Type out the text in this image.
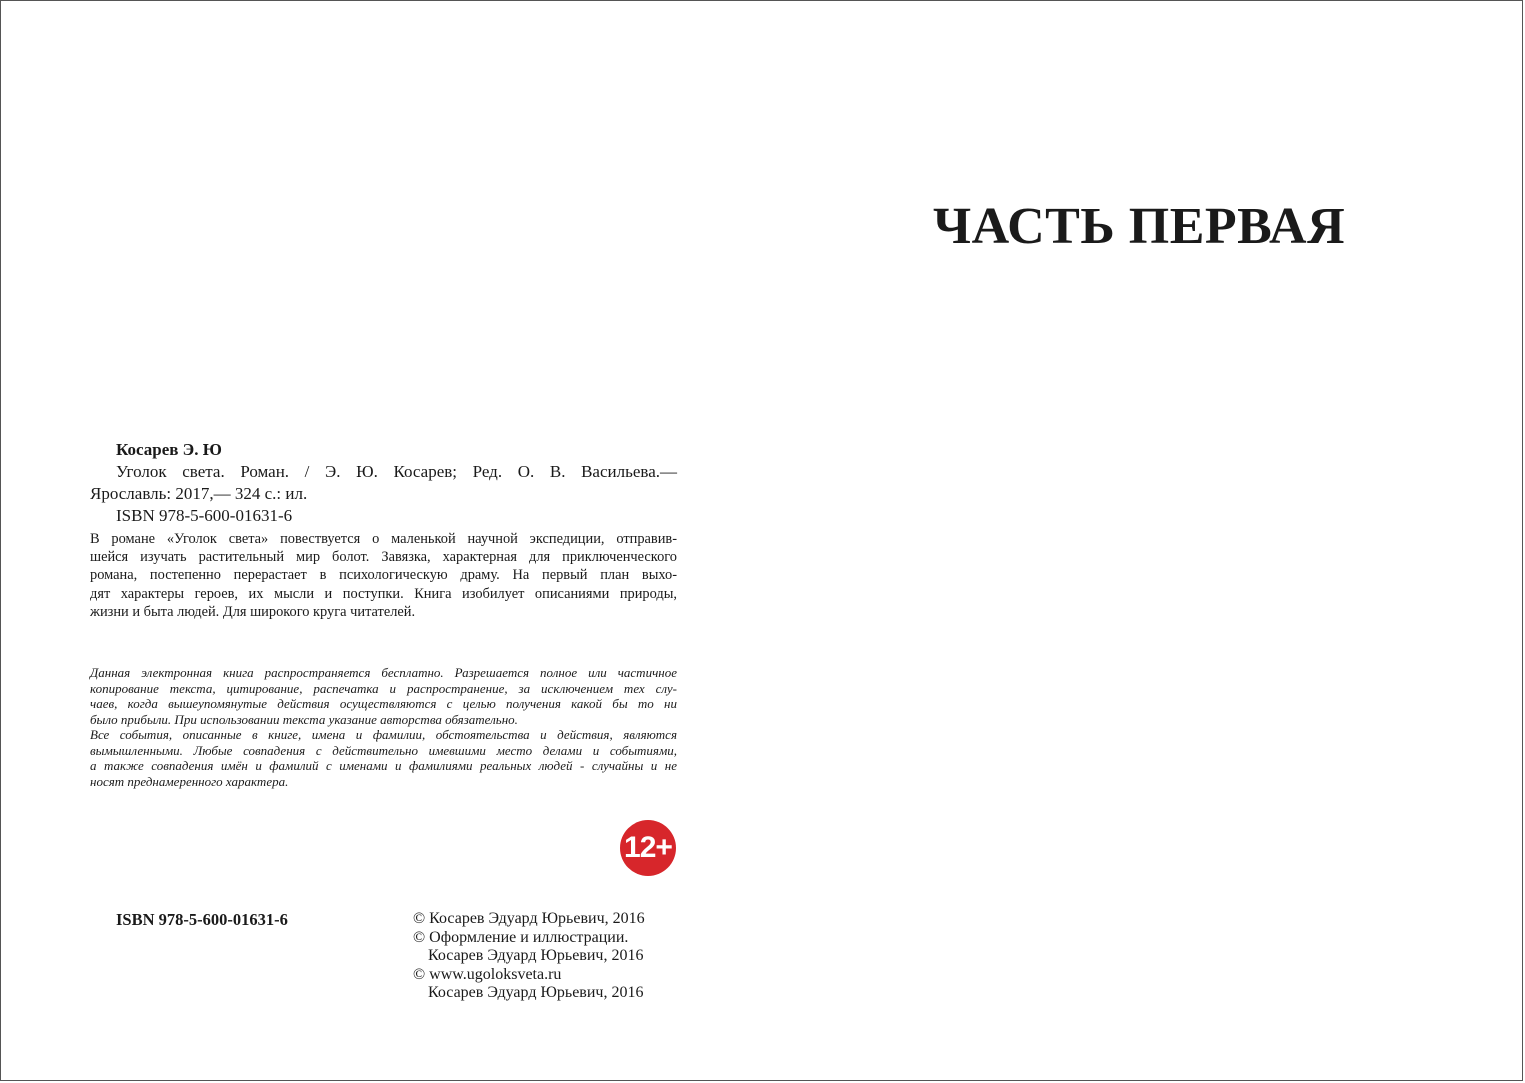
Косарев Э. Ю
Уголок света. Роман. / Э. Ю. Косарев; Ред. О. В. Васильева.—
Ярославль: 2017,— 324 с.: ил.
ISBN 978-5-600-01631-6
В романе «Уголок света» повествуется о маленькой научной экспедиции, отправив-
шейся изучать растительный мир болот. Завязка, характерная для приключенческого
романа, постепенно перерастает в психологическую драму. На первый план выхо-
дят характеры героев, их мысли и поступки. Книга изобилует описаниями природы,
жизни и быта людей. Для широкого круга читателей.
Данная электронная книга распространяется бесплатно. Разрешается полное или частичное
копирование текста, цитирование, распечатка и распространение, за исключением тех слу-
чаев, когда вышеупомянутые действия осуществляются с целью получения какой бы то ни
было прибыли. При использовании текста указание авторства обязательно.
Все события, описанные в книге, имена и фамилии, обстоятельства и действия, являются
вымышленными. Любые совпадения с действительно имевшими место делами и событиями,
а также совпадения имён и фамилий с именами и фамилиями реальных людей - случайны и не
носят преднамеренного характера.
12+
ISBN 978-5-600-01631-6	© Косарев Эдуард Юрьевич, 2016
© Оформление и иллюстрации.
Косарев Эдуард Юрьевич, 2016
© www.ugoloksveta.ru
Косарев Эдуард Юрьевич, 2016
ЧАСТЬ ПЕРВАЯ
